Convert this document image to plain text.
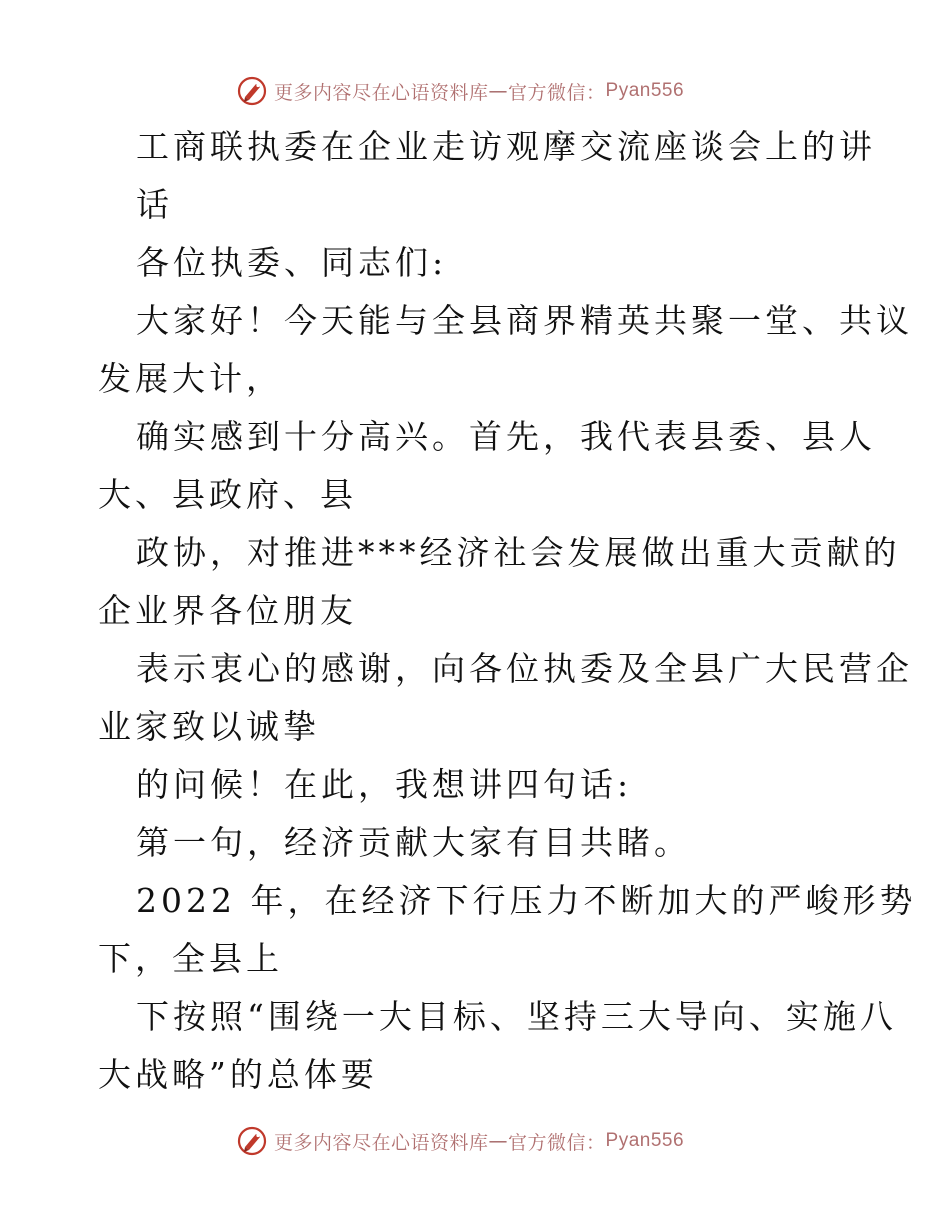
更多内容尽在心语资料库 — 官方微信： Pyan556
工商联执委在企业走访观摩交流座谈会上的讲
话
各位执委、同志们:
大家好！今天能与全县商界精英共聚一堂、共议
发展大计，
确实感到十分高兴。首先，我代表县委、县人
大、县政府、县
政协，对推进***经济社会发展做出重大贡献的
企业界各位朋友
表示衷心的感谢，向各位执委及全县广大民营企
业家致以诚挚
的问候！在此，我想讲四句话:
第一句，经济贡献大家有目共睹。
2022 年，在经济下行压力不断加大的严峻形势
下，全县上
下按照“围绕一大目标、坚持三大导向、实施八
大战略”的总体要
更多内容尽在心语资料库 — 官方微信： Pyan556
